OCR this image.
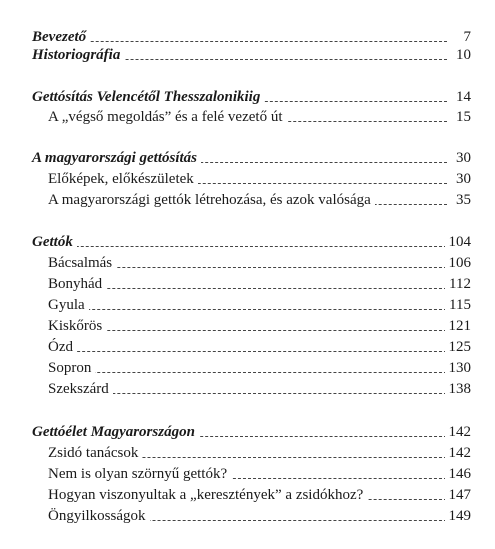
Bevezető	7
Historiográfia	10
Gettósítás Velencétől Thesszalonikiig	14
A „végső megoldás” és a felé vezető út	15
A magyarországi gettósítás	30
Előképek, előkészületek	30
A magyarországi gettók létrehozása, és azok valósága	35
Gettók	104
Bácsalmás	106
Bonyhád	112
Gyula	115
Kiskőrös	121
Ózd	125
Sopron	130
Szekszárd	138
Gettóélet Magyarországon	142
Zsidó tanácsok	142
Nem is olyan szörnyű gettók?	146
Hogyan viszonyultak a „keresztények” a zsidókhoz?	147
Öngyilkosságok	149
